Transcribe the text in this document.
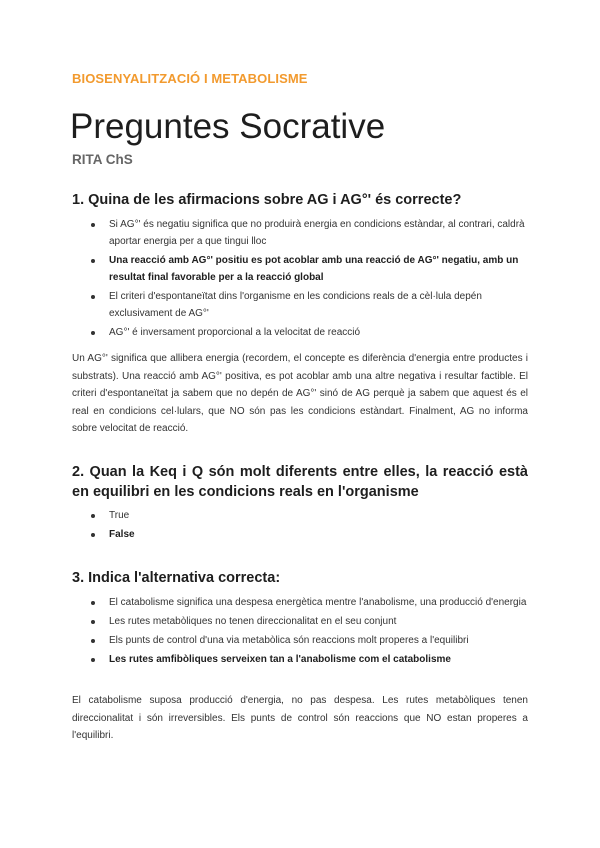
BIOSENYALITZACIÓ I METABOLISME
Preguntes Socrative
RITA ChS
1. Quina de les afirmacions sobre AG i AG°' és correcte?
Si AG°' és negatiu significa que no produirà energia en condicions estàndar, al contrari, caldrà aportar energia per a que tingui lloc
Una reacció amb AG°' positiu es pot acoblar amb una reacció de AG°' negatiu, amb un resultat final favorable per a la reacció global
El criteri d'espontaneïtat dins l'organisme en les condicions reals de a cèl·lula depén exclusivament de AG°'
AG°' é inversament proporcional a la velocitat de reacció

Un AG°' significa que allibera energia (recordem, el concepte es diferència d'energia entre productes i substrats). Una reacció amb AG°' positiva, es pot acoblar amb una altre negativa i resultar factible. El criteri d'espontaneïtat ja sabem que no depén de AG°' sinó de AG perquè ja sabem que aquest és el real en condicions cel·lulars, que NO són pas les condicions estàndart. Finalment, AG no informa sobre velocitat de reacció.

2. Quan la Keq i Q són molt diferents entre elles, la reacció està en equilibri en les condicions reals en l'organisme
True
False
3. Indica l'alternativa correcta:
El catabolisme significa una despesa energètica mentre l'anabolisme, una producció d'energia
Les rutes metabòliques no tenen direccionalitat en el seu conjunt
Els punts de control d'una via metabòlica són reaccions molt properes a l'equilibri
Les rutes amfibòliques serveixen tan a l'anabolisme com el catabolisme

El catabolisme suposa producció d'energia, no pas despesa. Les rutes metabòliques tenen direccionalitat i són irreversibles. Els punts de control són reaccions que NO estan properes a l'equilibri.
